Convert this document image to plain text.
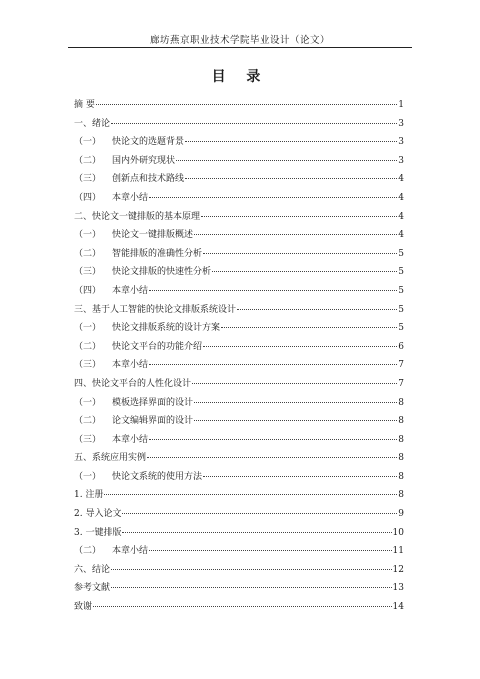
廊坊燕京职业技术学院毕业设计（论文）
目 录
摘 要	1
一、绪论	3
（一） 快论文的选题背景	3
（二） 国内外研究现状	3
（三） 创新点和技术路线	4
（四） 本章小结	4
二、快论文一键排版的基本原理	4
（一） 快论文一键排版概述	4
（二） 智能排版的准确性分析	5
（三） 快论文排版的快速性分析	5
（四） 本章小结	5
三、基于人工智能的快论文排版系统设计	5
（一） 快论文排版系统的设计方案	5
（二） 快论文平台的功能介绍	6
（三） 本章小结	7
四、快论文平台的人性化设计	7
（一） 模板选择界面的设计	8
（二） 论文编辑界面的设计	8
（三） 本章小结	8
五、系统应用实例	8
（一） 快论文系统的使用方法	8
1. 注册	8
2. 导入论文	9
3. 一键排版	10
（二） 本章小结	11
六、结论	12
参考文献	13
致谢	14
